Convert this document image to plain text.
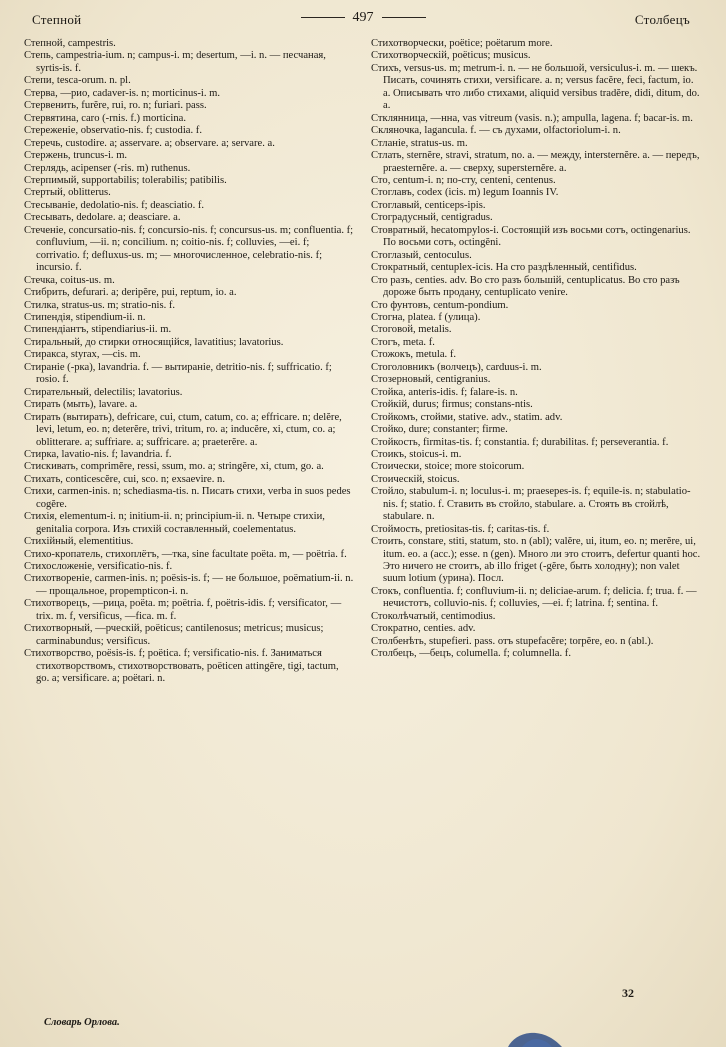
Степной	497	Столбецъ

Степной, campestris.

Степь, campestria-ium. n; campus-i. m; desertum, —i. n. — песчаная, syrtis-is. f.

Степи, tesca-orum. n. pl.

Стерва, —рио, cadaver-is. n; morticinus-i. m.

Стервенить, furĕre, rui, ro. n; furiari. pass.

Стервятина, caro (-rnis. f.) morticina.

Стереженіе, observatio-nis. f; custodia. f.

Стеречь, custodire. a; asservare. a; observare. a; servare. a.

Стержень, truncus-i. m.

Стерлядь, acipenser (-ris. m) ruthenus.

Стерпимый, supportabilis; tolerabilis; patibilis.

Стертый, oblitterus.

Стесываніе, dedolatio-nis. f; deasciatio. f.

Стесывать, dedolare. a; deasciare. a.

Стеченіе, concursatio-nis. f; concursio-nis. f; concursus-us. m; confluentia. f; confluvium, —ii. n; concilium. n; coitio-nis. f; colluvies, —ei. f; corrivatio. f; defluxus-us. m; — многочисленное, celebratio-nis. f; incursio. f.

Стечка, coitus-us. m.

Стибрить, defurari. a; deripĕre, pui, reptum, io. a.

Стилка, stratus-us. m; stratio-nis. f.

Стипендія, stipendium-ii. n.

Стипендіантъ, stipendiarius-ii. m.

Стиральный, до стирки относящійся, lavatitius; lavatorius.

Стиракса, styrax, —cis. m.

Стираніе (-рка), lavandria. f. — вытираніе, detritio-nis. f; suffricatio. f; rosio. f.

Стирательный, delectilis; lavatorius.

Стирать (мыть), lavare. a.

Стирать (вытирать), defricare, cui, ctum, catum, co. a; effricare. n; delĕre, levi, letum, eo. n; deterĕre, trivi, tritum, ro. a; inducĕre, xi, ctum, co. a; oblitterare. a; suffriare. a; suffricare. a; praeterĕre. a.

Стирка, lavatio-nis. f; lavandria. f.

Стискивать, comprimĕre, ressi, ssum, mo. a; stringĕre, xi, ctum, go. a.

Стихать, conticescĕre, cui, sco. n; exsaevire. n.

Стихи, carmen-inis. n; schediasma-tis. n. Писать стихи, verba in suos pedes cogĕre.

Стихія, elementum-i. n; initium-ii. n; principium-ii. n. Четыре стихіи, genitalia corpora. Изъ стихій составленный, coelementatus.

Стихійный, elementitius.

Стихо-кропатель, стихоплётъ, —тка, sine facultate poëta. m, — poëtria. f.

Стихосложеніе, versificatio-nis. f.

Стихотвореніе, carmen-inis. n; poësis-is. f; — не большое, poëmatium-ii. n. — прощальное, propempticon-i. n.

Стихотворецъ, —рица, poëta. m; poëtria. f, poëtris-idis. f; versificator, —trix. m. f, versificus, —fica. m. f.

Стихотворный, —рческій, poëticus; cantilenosus; metricus; musicus; carminabundus; versificus.

Стихотворство, poësis-is. f; poëtica. f; versificatio-nis. f. Заниматься стихотворствомъ, стихотворствовать, poëticen attingĕre, tigi, tactum, go. a; versificare. a; poëtari. n.

Стихотворчески, poëtice; poëtarum more.

Стихотворческій, poëticus; musicus.

Стихъ, versus-us. m; metrum-i. n. — не большой, versiculus-i. m. — шекъ. Писать, сочинять стихи, versificare. a. n; versus facĕre, feci, factum, io. a. Описывать что либо стихами, aliquid versibus tradĕre, didi, ditum, do. a.

Стклянница, —нна, vas vitreum (vasis. n.); ampulla, lagena. f; bacar-is. m.

Скляночка, lagancula. f. — съ духами, olfactoriolum-i. n.

Стланіе, stratus-us. m.

Стлать, sternĕre, stravi, stratum, no. a. — между, intersternĕre. a. — передъ, praesternĕre. a. — сверху, supersternĕre. a.

Сто, centum-i. n; по-сту, centeni, centenus.

Стоглавъ, codex (icis. m) legum Ioannis IV.

Стоглавый, centiceps-ipis.

Стоградусный, centigradus.

Стовратный, hecatompylos-i. Состоящій изъ восьми сотъ, octingenarius. По восьми сотъ, octingĕni.

Стоглазый, centoculus.

Стократный, centuplex-icis. На сто раздѣленный, centifidus.

Сто разъ, centies. adv. Во сто разъ большій, centuplicatus. Во сто разъ дороже быть продану, centuplicato venire.

Сто фунтовъ, centum-pondium.

Стогна, platea. f (улица).

Стоговой, metalis.

Стогъ, meta. f.

Стожокъ, metula. f.

Стоголовникъ (волчецъ), carduus-i. m.

Стозерновый, centigranius.

Стойка, anteris-idis. f; falare-is. n.

Стойкій, durus; firmus; constans-ntis.

Стойкомъ, стойми, stative. adv., statim. adv.

Стойко, dure; constanter; firme.

Стойкость, firmitas-tis. f; constantia. f; durabilitas. f; perseverantia. f.

Стоикъ, stoicus-i. m.

Стоически, stoice; more stoicorum.

Стоическій, stoicus.

Стойло, stabulum-i. n; loculus-i. m; praesepes-is. f; equile-is. n; stabulatio-nis. f; statio. f. Ставить въ стойло, stabulare. a. Стоять въ стойлѣ, stabulare. n.

Стоймость, pretiositas-tis. f; caritas-tis. f.

Стоить, constare, stiti, statum, sto. n (abl); valĕre, ui, itum, eo. n; merĕre, ui, itum. eo. a (acc.); esse. n (gen). Много ли это стоитъ, defertur quanti hoc. Это ничего не стоитъ, ab illo friget (-gĕre, быть холодну); non valet suum lotium (урина). Посл.

Стокъ, confluentia. f; confluvium-ii. n; deliciae-arum. f; delicia. f; trua. f. — нечистотъ, colluvio-nis. f; colluvies, —ei. f; latrina. f; sentina. f.

Стоколѣчатый, centimodius.

Стократно, centies. adv.

Столбенѣть, stupefieri. pass. отъ stupefacĕre; torpĕre, eo. n (abl.).

Столбецъ, —бецъ, columella. f; columnella. f.

Словарь Орлова.
32
